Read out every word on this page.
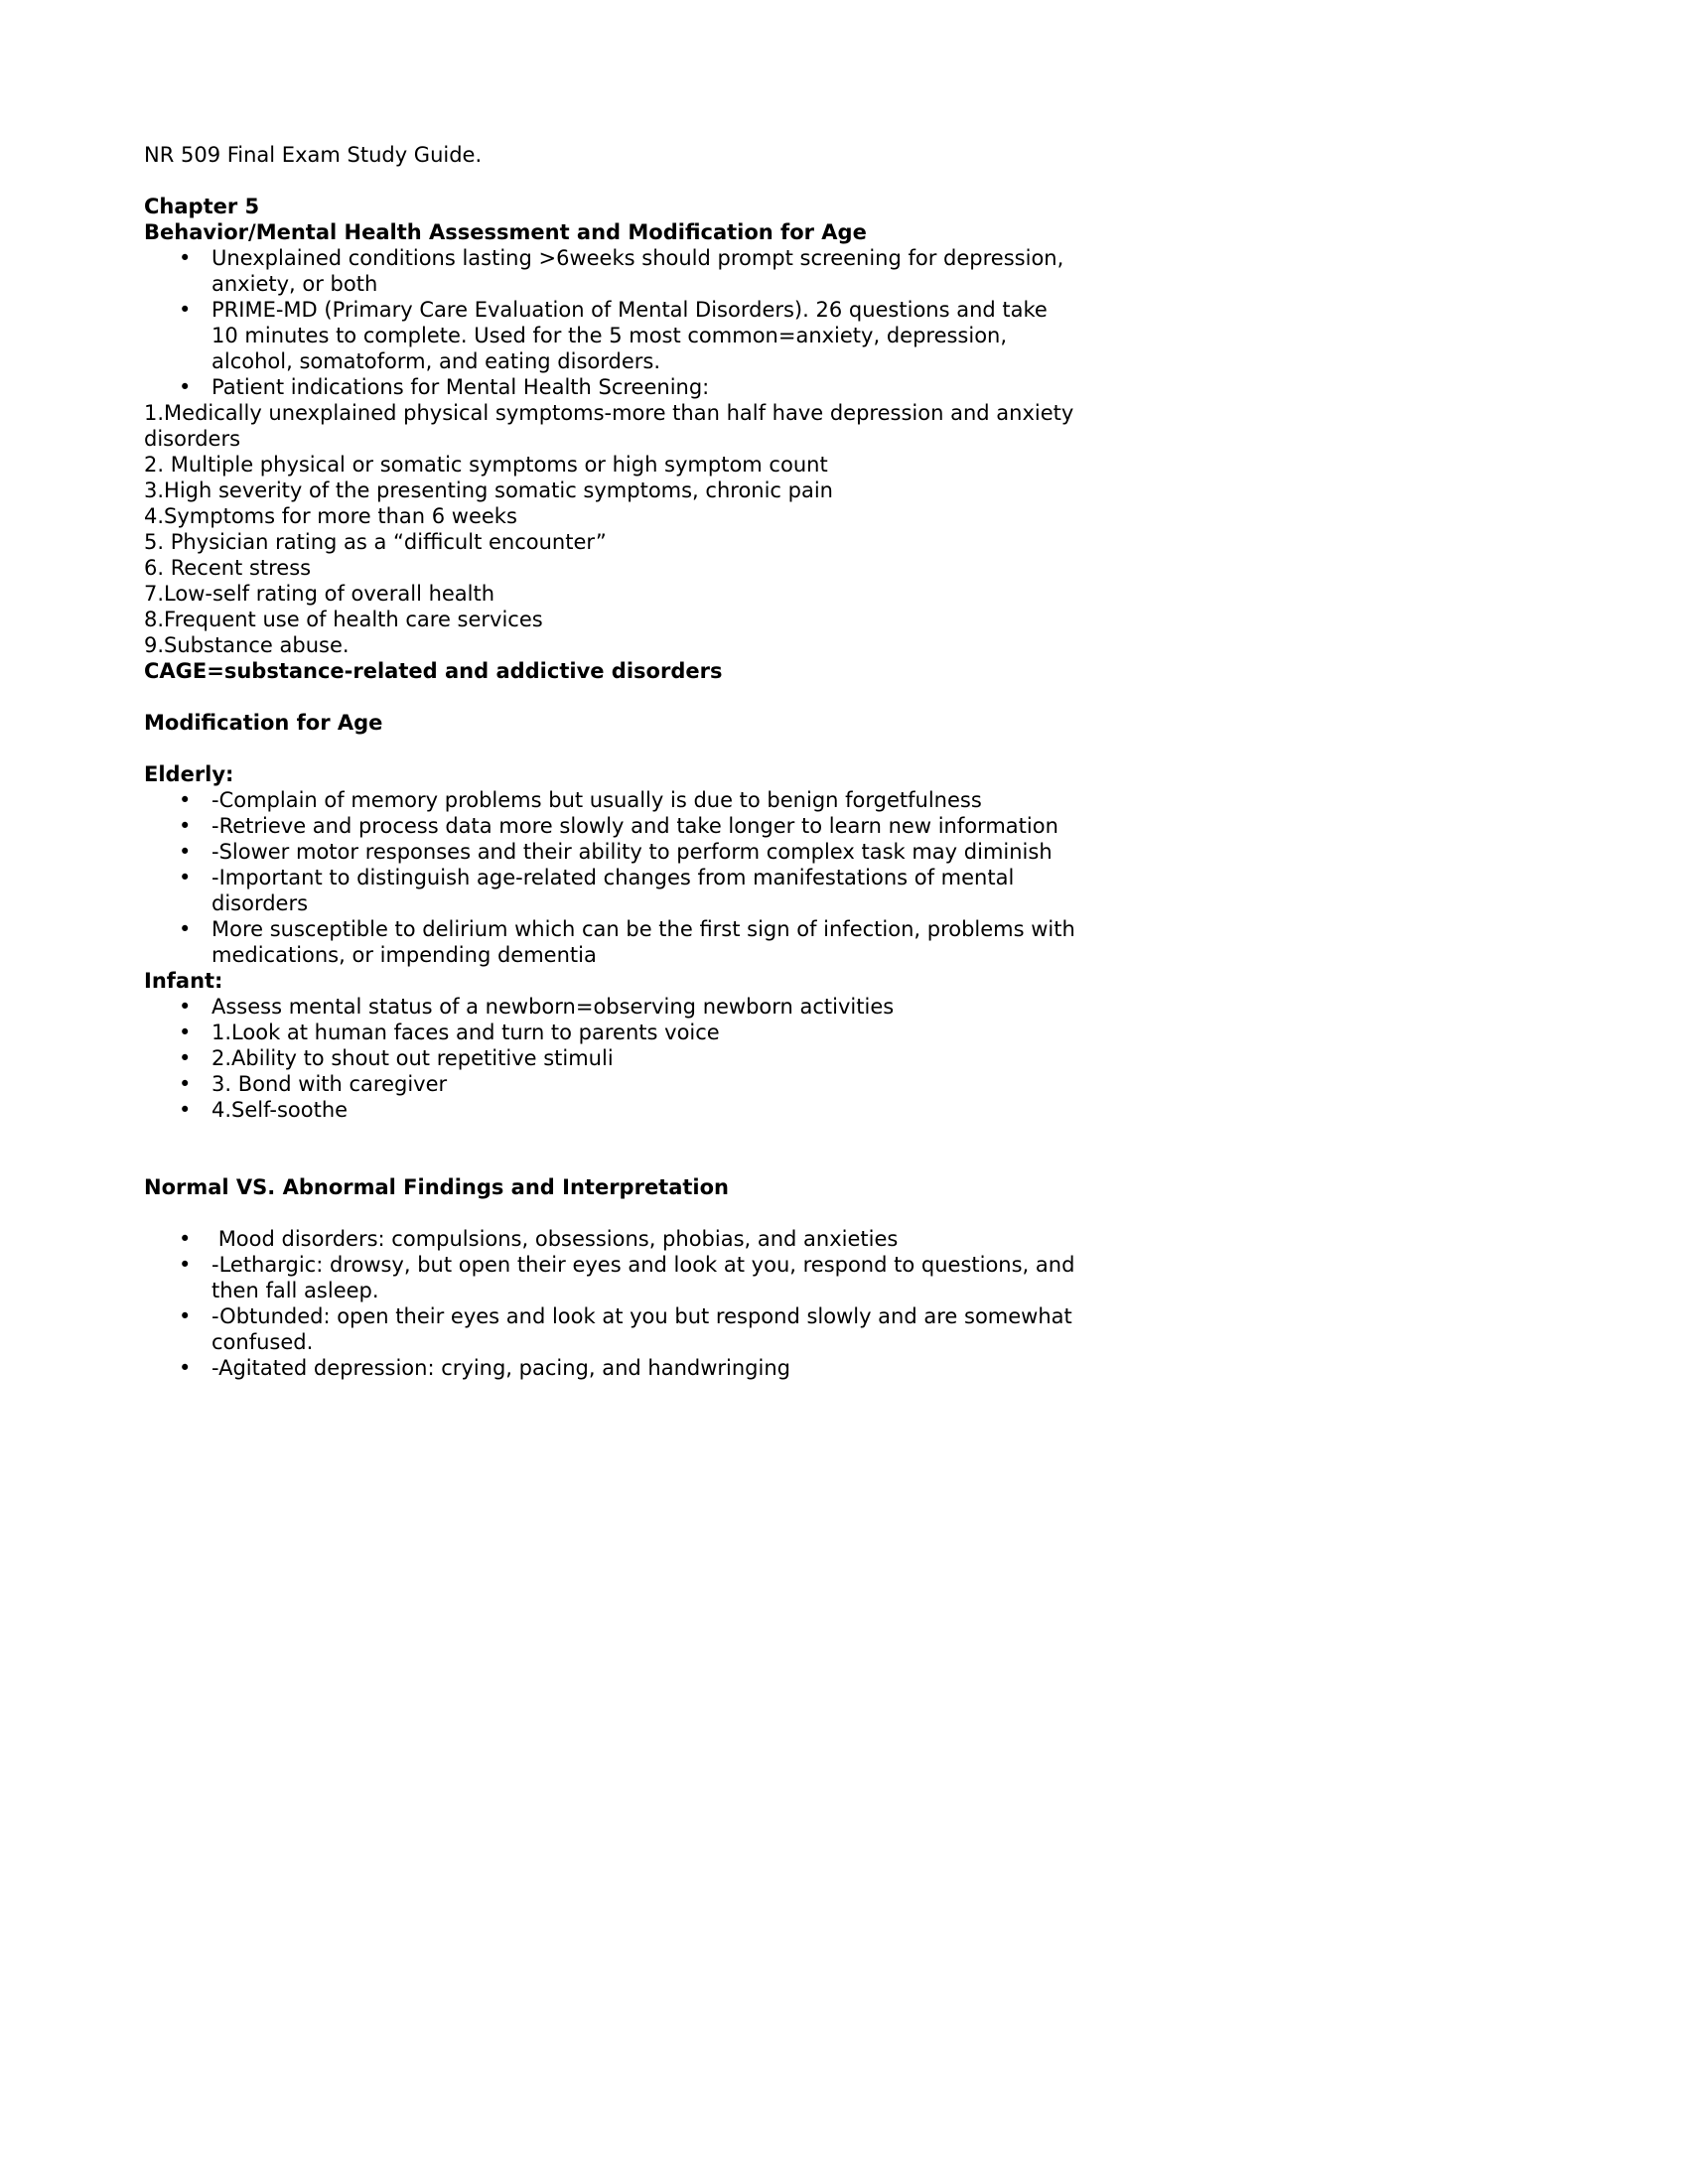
NR 509 Final Exam Study Guide.

Chapter 5
Behavior/Mental Health Assessment and Modification for Age
• Unexplained conditions lasting >6weeks should prompt screening for depression, anxiety, or both
• PRIME-MD (Primary Care Evaluation of Mental Disorders). 26 questions and take 10 minutes to complete. Used for the 5 most common=anxiety, depression, alcohol, somatoform, and eating disorders.
• Patient indications for Mental Health Screening:
1.Medically unexplained physical symptoms-more than half have depression and anxiety disorders
2. Multiple physical or somatic symptoms or high symptom count
3.High severity of the presenting somatic symptoms, chronic pain
4.Symptoms for more than 6 weeks
5. Physician rating as a “difficult encounter”
6. Recent stress
7.Low-self rating of overall health
8.Frequent use of health care services
9.Substance abuse.
CAGE=substance-related and addictive disorders

Modification for Age

Elderly:
• -Complain of memory problems but usually is due to benign forgetfulness
• -Retrieve and process data more slowly and take longer to learn new information
• -Slower motor responses and their ability to perform complex task may diminish
• -Important to distinguish age-related changes from manifestations of mental disorders
• More susceptible to delirium which can be the first sign of infection, problems with medications, or impending dementia
Infant:
• Assess mental status of a newborn=observing newborn activities
• 1.Look at human faces and turn to parents voice
• 2.Ability to shout out repetitive stimuli
• 3. Bond with caregiver
• 4.Self-soothe

Normal VS. Abnormal Findings and Interpretation

• Mood disorders: compulsions, obsessions, phobias, and anxieties
• -Lethargic: drowsy, but open their eyes and look at you, respond to questions, and then fall asleep.
• -Obtunded: open their eyes and look at you but respond slowly and are somewhat confused.
• -Agitated depression: crying, pacing, and handwringing
